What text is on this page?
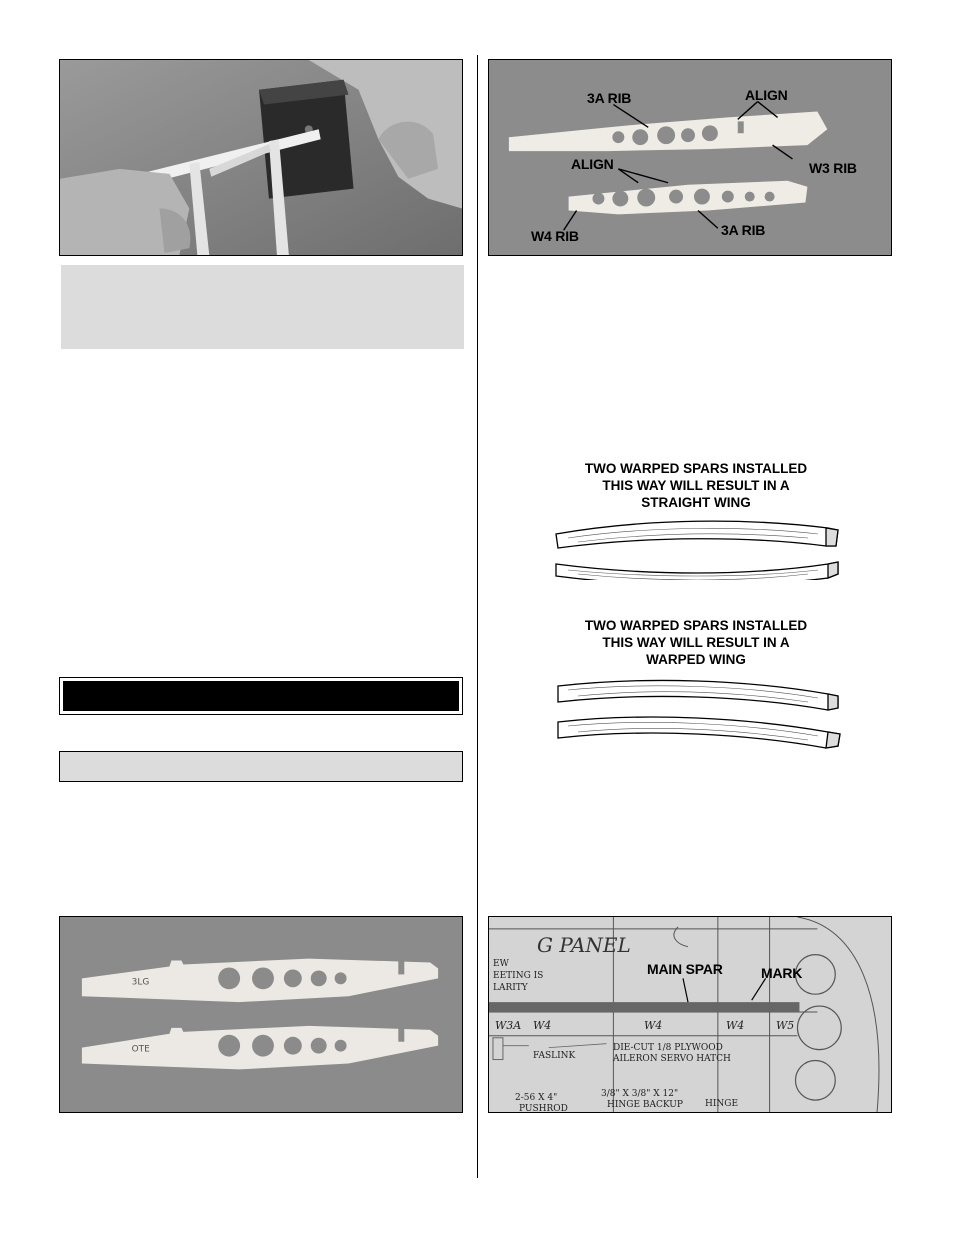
3LG
OTE
3A RIB	ALIGN
W3 RIB
ALIGN
W4 RIB	3A RIB
TWO WARPED SPARS INSTALLED
THIS WAY WILL RESULT IN A
STRAIGHT WING
TWO WARPED SPARS INSTALLED
THIS WAY WILL RESULT IN A
WARPED WING
G PANEL
EW
EETING IS
LARITY
MAIN SPAR	MARK
W3A W4	W4	W4	W5
FASLINK
DIE-CUT 1/8 PLYWOOD
AILERON SERVO HATCH
3/8" X 3/8" X 12"
HINGE BACKUP
2-56 X 4"
PUSHROD	HINGE
